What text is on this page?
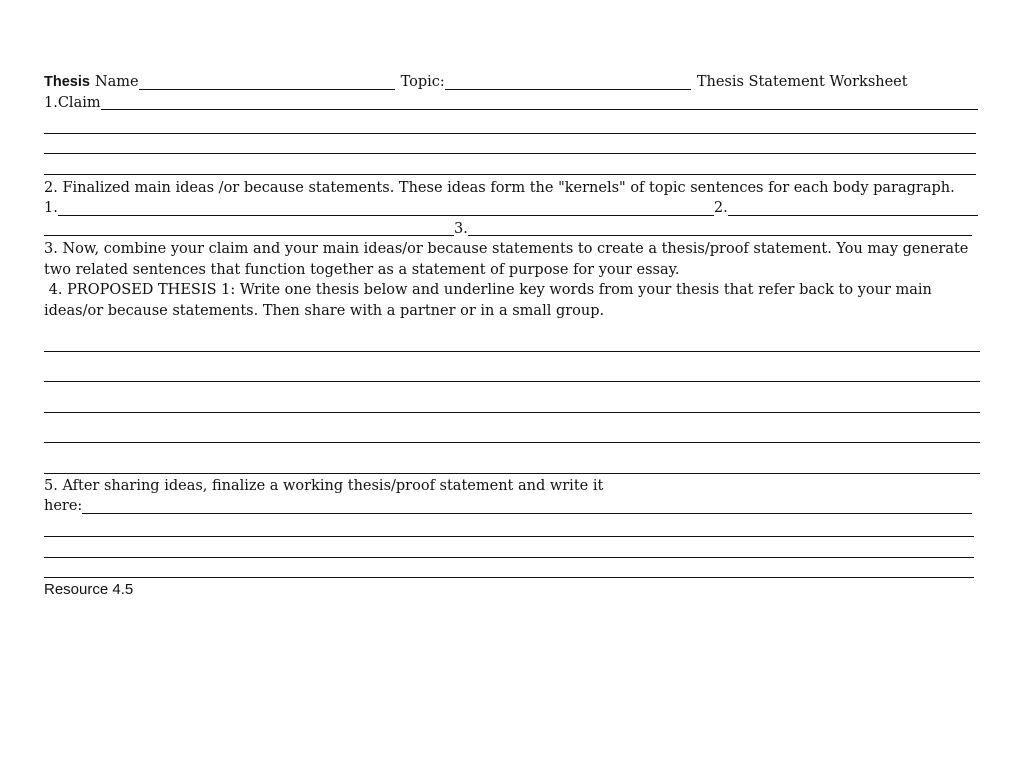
Thesis Name	Topic:	Thesis Statement Worksheet
1.Claim
2. Finalized main ideas /or because statements. These ideas form the "kernels" of topic sentences for each body paragraph.
1.	2.
3.
3. Now, combine your claim and your main ideas/or because statements to create a thesis/proof statement. You may generate two related sentences that function together as a statement of purpose for your essay.
4. PROPOSED THESIS 1: Write one thesis below and underline key words from your thesis that refer back to your main ideas/or because statements. Then share with a partner or in a small group.
5. After sharing ideas, finalize a working thesis/proof statement and write it
here:
Resource 4.5
